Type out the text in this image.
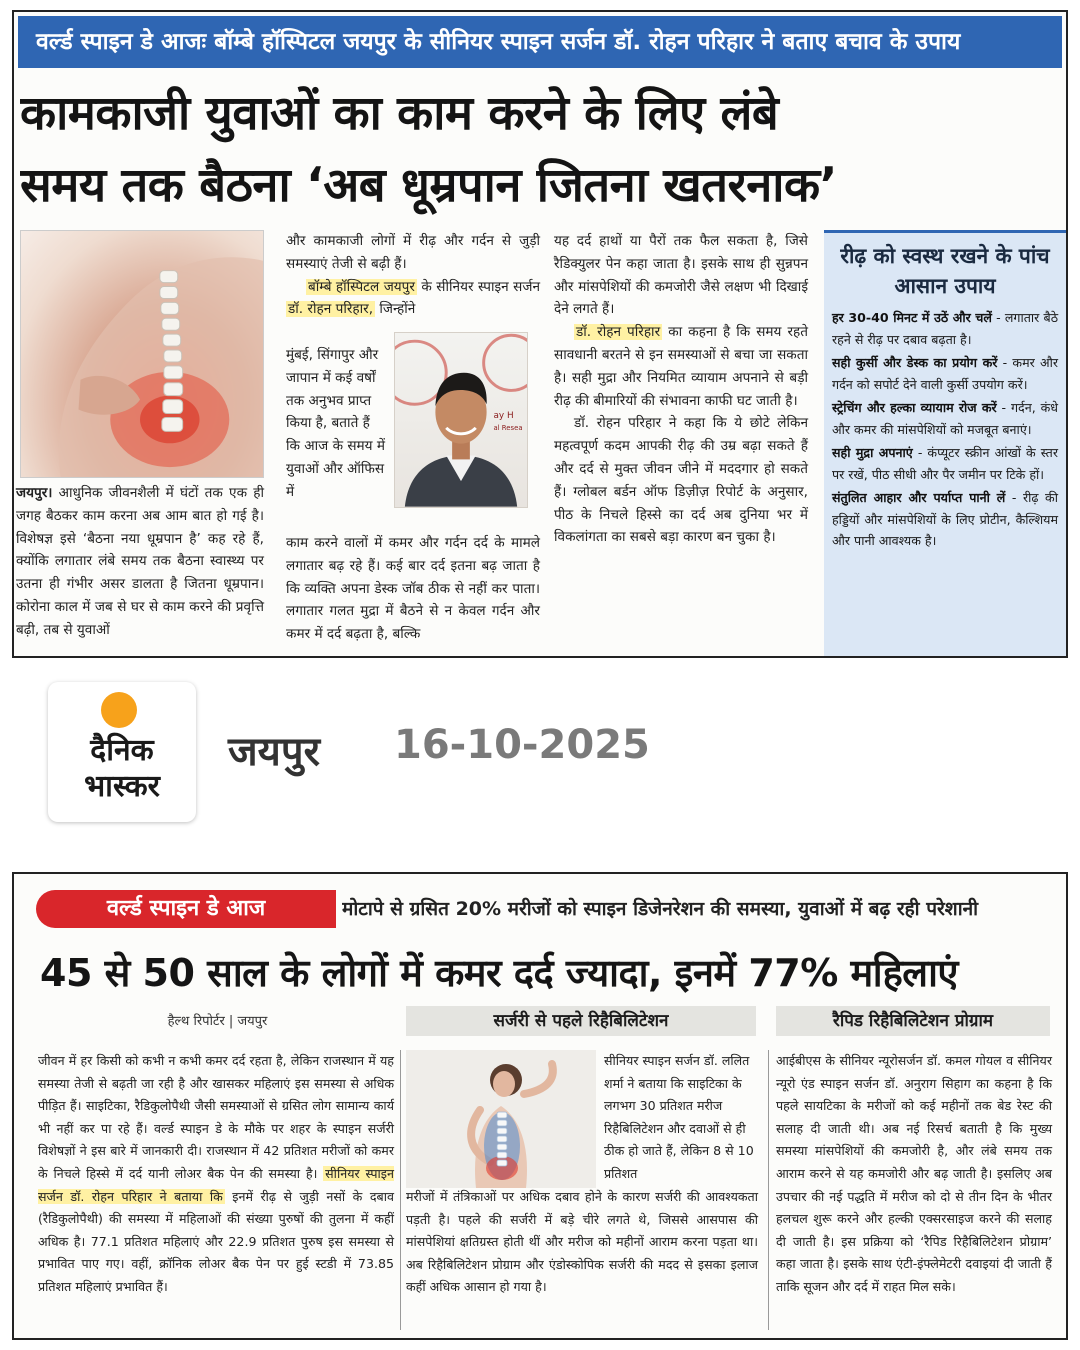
वर्ल्ड स्पाइन डे आजः बॉम्बे हॉस्पिटल जयपुर के सीनियर स्पाइन सर्जन डॉ. रोहन परिहार ने बताए बचाव के उपाय
कामकाजी युवाओं का काम करने के लिए लंबे
समय तक बैठना ‘अब धूम्रपान जितना खतरनाक’

जयपुर। आधुनिक जीवनशैली में घंटों तक एक ही जगह बैठकर काम करना अब आम बात हो गई है। विशेषज्ञ इसे ‘बैठना नया धूम्रपान है’ कह रहे हैं, क्योंकि लगातार लंबे समय तक बैठना स्वास्थ्य पर उतना ही गंभीर असर डालता है जितना धूम्रपान। कोरोना काल में जब से घर से काम करने की प्रवृत्ति बढ़ी, तब से युवाओं

और कामकाजी लोगों में रीढ़ और गर्दन से जुड़ी समस्याएं तेजी से बढ़ी हैं।

बॉम्बे हॉस्पिटल जयपुर के सीनियर स्पाइन सर्जन डॉ. रोहन परिहार, जिन्होंने

मुंबई, सिंगापुर और जापान में कई वर्षों तक अनुभव प्राप्त किया है, बताते हैं कि आज के समय में युवाओं और ऑफिस में
ay H
al Resea
काम करने वालों में कमर और गर्दन दर्द के मामले लगातार बढ़ रहे हैं। कई बार दर्द इतना बढ़ जाता है कि व्यक्ति अपना डेस्क जॉब ठीक से नहीं कर पाता। लगातार गलत मुद्रा में बैठने से न केवल गर्दन और कमर में दर्द बढ़ता है, बल्कि

यह दर्द हाथों या पैरों तक फैल सकता है, जिसे रैडिक्युलर पेन कहा जाता है। इसके साथ ही सुन्नपन और मांसपेशियों की कमजोरी जैसे लक्षण भी दिखाई देने लगते हैं।

डॉ. रोहन परिहार का कहना है कि समय रहते सावधानी बरतने से इन समस्याओं से बचा जा सकता है। सही मुद्रा और नियमित व्यायाम अपनाने से बड़ी रीढ़ की बीमारियों की संभावना काफी घट जाती है।

डॉ. रोहन परिहार ने कहा कि ये छोटे लेकिन महत्वपूर्ण कदम आपकी रीढ़ की उम्र बढ़ा सकते हैं और दर्द से मुक्त जीवन जीने में मददगार हो सकते हैं। ग्लोबल बर्डन ऑफ डिज़ीज़ रिपोर्ट के अनुसार, पीठ के निचले हिस्से का दर्द अब दुनिया भर में विकलांगता का सबसे बड़ा कारण बन चुका है।

रीढ़ को स्वस्थ रखने के पांच आसान उपाय
हर 30-40 मिनट में उठें और चलें - लगातार बैठे रहने से रीढ़ पर दबाव बढ़ता है।
सही कुर्सी और डेस्क का प्रयोग करें - कमर और गर्दन को सपोर्ट देने वाली कुर्सी उपयोग करें।
स्ट्रेचिंग और हल्का व्यायाम रोज करें - गर्दन, कंधे और कमर की मांसपेशियों को मजबूत बनाएं।
सही मुद्रा अपनाएं - कंप्यूटर स्क्रीन आंखों के स्तर पर रखें, पीठ सीधी और पैर जमीन पर टिके हों।
संतुलित आहार और पर्याप्त पानी लें - रीढ़ की हड्डियों और मांसपेशियों के लिए प्रोटीन, कैल्शियम और पानी आवश्यक है।
दैनिक
भास्कर
जयपुर 16-10-2025
वर्ल्ड स्पाइन डे आज	मोटापे से ग्रसित 20% मरीजों को स्पाइन डिजेनरेशन की समस्या, युवाओं में बढ़ रही परेशानी
45 से 50 साल के लोगों में कमर दर्द ज्यादा, इनमें 77% महिलाएं
हैल्थ रिपोर्टर | जयपुर	सर्जरी से पहले रिहैबिलिटेशन	रैपिड रिहैबिलिटेशन प्रोग्राम
जीवन में हर किसी को कभी न कभी कमर दर्द रहता है, लेकिन राजस्थान में यह समस्या तेजी से बढ़ती जा रही है और खासकर महिलाएं इस समस्या से अधिक पीड़ित हैं। साइटिका, रैडिकुलोपैथी जैसी समस्याओं से ग्रसित लोग सामान्य कार्य भी नहीं कर पा रहे हैं। वर्ल्ड स्पाइन डे के मौके पर शहर के स्पाइन सर्जरी विशेषज्ञों ने इस बारे में जानकारी दी। राजस्थान में 42 प्रतिशत मरीजों को कमर के निचले हिस्से में दर्द यानी लोअर बैक पेन की समस्या है। सीनियर स्पाइन सर्जन डॉ. रोहन परिहार ने बताया कि इनमें रीढ़ से जुड़ी नसों के दबाव (रैडिकुलोपैथी) की समस्या में महिलाओं की संख्या पुरुषों की तुलना में कहीं अधिक है। 77.1 प्रतिशत महिलाएं और 22.9 प्रतिशत पुरुष इस समस्या से प्रभावित पाए गए। वहीं, क्रॉनिक लोअर बैक पेन पर हुई स्टडी में 73.85 प्रतिशत महिलाएं प्रभावित हैं।
सीनियर स्पाइन सर्जन डॉ. ललित शर्मा ने बताया कि साइटिका के लगभग 30 प्रतिशत मरीज रिहैबिलिटेशन और दवाओं से ही ठीक हो जाते हैं, लेकिन 8 से 10 प्रतिशत
मरीजों में तंत्रिकाओं पर अधिक दबाव होने के कारण सर्जरी की आवश्यकता पड़ती है। पहले की सर्जरी में बड़े चीरे लगते थे, जिससे आसपास की मांसपेशियां क्षतिग्रस्त होती थीं और मरीज को महीनों आराम करना पड़ता था। अब रिहैबिलिटेशन प्रोग्राम और एंडोस्कोपिक सर्जरी की मदद से इसका इलाज कहीं अधिक आसान हो गया है।
आईबीएस के सीनियर न्यूरोसर्जन डॉ. कमल गोयल व सीनियर न्यूरो एंड स्पाइन सर्जन डॉ. अनुराग सिहाग का कहना है कि पहले सायटिका के मरीजों को कई महीनों तक बेड रेस्ट की सलाह दी जाती थी। अब नई रिसर्च बताती है कि मुख्य समस्या मांसपेशियों की कमजोरी है, और लंबे समय तक आराम करने से यह कमजोरी और बढ़ जाती है। इसलिए अब उपचार की नई पद्धति में मरीज को दो से तीन दिन के भीतर हलचल शुरू करने और हल्की एक्सरसाइज करने की सलाह दी जाती है। इस प्रक्रिया को ‘रैपिड रिहैबिलिटेशन प्रोग्राम’ कहा जाता है। इसके साथ एंटी-इंफ्लेमेटरी दवाइयां दी जाती हैं ताकि सूजन और दर्द में राहत मिल सके।
